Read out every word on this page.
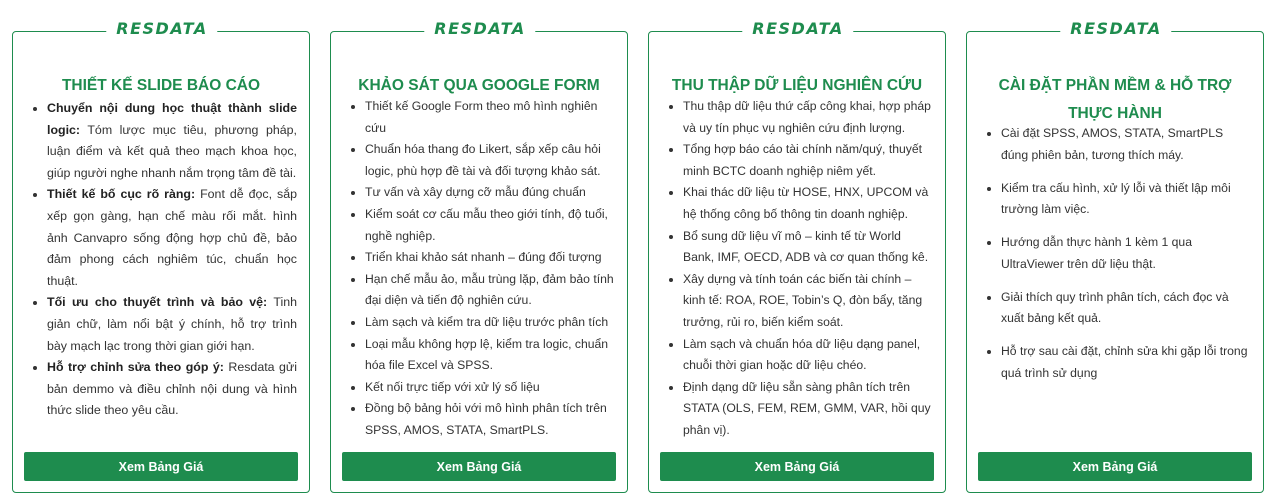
THIẾT KẾ SLIDE BÁO CÁO
• Chuyển nội dung học thuật thành slide logic: Tóm lược mục tiêu, phương pháp, luận điểm và kết quả theo mạch khoa học, giúp người nghe nhanh nắm trọng tâm đề tài.
• Thiết kế bố cục rõ ràng: Font dễ đọc, sắp xếp gọn gàng, hạn chế màu rối mắt. hình ảnh Canvapro sống động hợp chủ đề, bảo đảm phong cách nghiêm túc, chuẩn học thuật.
• Tối ưu cho thuyết trình và bảo vệ: Tinh giản chữ, làm nổi bật ý chính, hỗ trợ trình bày mạch lạc trong thời gian giới hạn.
• Hỗ trợ chỉnh sửa theo góp ý: Resdata gửi bản demmo và điều chỉnh nội dung và hình thức slide theo yêu cầu.
Xem Bảng Giá
KHẢO SÁT QUA GOOGLE FORM
• Thiết kế Google Form theo mô hình nghiên cứu
• Chuẩn hóa thang đo Likert, sắp xếp câu hỏi logic, phù hợp đề tài và đối tượng khảo sát.
• Tư vấn và xây dựng cỡ mẫu đúng chuẩn
• Kiểm soát cơ cấu mẫu theo giới tính, độ tuổi, nghề nghiệp.
• Triển khai khảo sát nhanh – đúng đối tượng
• Hạn chế mẫu ảo, mẫu trùng lặp, đảm bảo tính đại diện và tiến độ nghiên cứu.
• Làm sạch và kiểm tra dữ liệu trước phân tích
• Loại mẫu không hợp lệ, kiểm tra logic, chuẩn hóa file Excel và SPSS.
• Kết nối trực tiếp với xử lý số liệu
• Đồng bộ bảng hỏi với mô hình phân tích trên SPSS, AMOS, STATA, SmartPLS.
Xem Bảng Giá
THU THẬP DỮ LIỆU NGHIÊN CỨU
• Thu thập dữ liệu thứ cấp công khai, hợp pháp và uy tín phục vụ nghiên cứu định lượng.
• Tổng hợp báo cáo tài chính năm/quý, thuyết minh BCTC doanh nghiệp niêm yết.
• Khai thác dữ liệu từ HOSE, HNX, UPCOM và hệ thống công bố thông tin doanh nghiệp.
• Bổ sung dữ liệu vĩ mô – kinh tế từ World Bank, IMF, OECD, ADB và cơ quan thống kê.
• Xây dựng và tính toán các biến tài chính – kinh tế: ROA, ROE, Tobin’s Q, đòn bẩy, tăng trưởng, rủi ro, biến kiểm soát.
• Làm sạch và chuẩn hóa dữ liệu dạng panel, chuỗi thời gian hoặc dữ liệu chéo.
• Định dạng dữ liệu sẵn sàng phân tích trên STATA (OLS, FEM, REM, GMM, VAR, hồi quy phân vị).
Xem Bảng Giá
CÀI ĐẶT PHẦN MỀM & HỖ TRỢ THỰC HÀNH
• Cài đặt SPSS, AMOS, STATA, SmartPLS đúng phiên bản, tương thích máy.
• Kiểm tra cấu hình, xử lý lỗi và thiết lập môi trường làm việc.
• Hướng dẫn thực hành 1 kèm 1 qua UltraViewer trên dữ liệu thật.
• Giải thích quy trình phân tích, cách đọc và xuất bảng kết quả.
• Hỗ trợ sau cài đặt, chỉnh sửa khi gặp lỗi trong quá trình sử dụng
Xem Bảng Giá
RESDATA	RESDATA	RESDATA	RESDATA
